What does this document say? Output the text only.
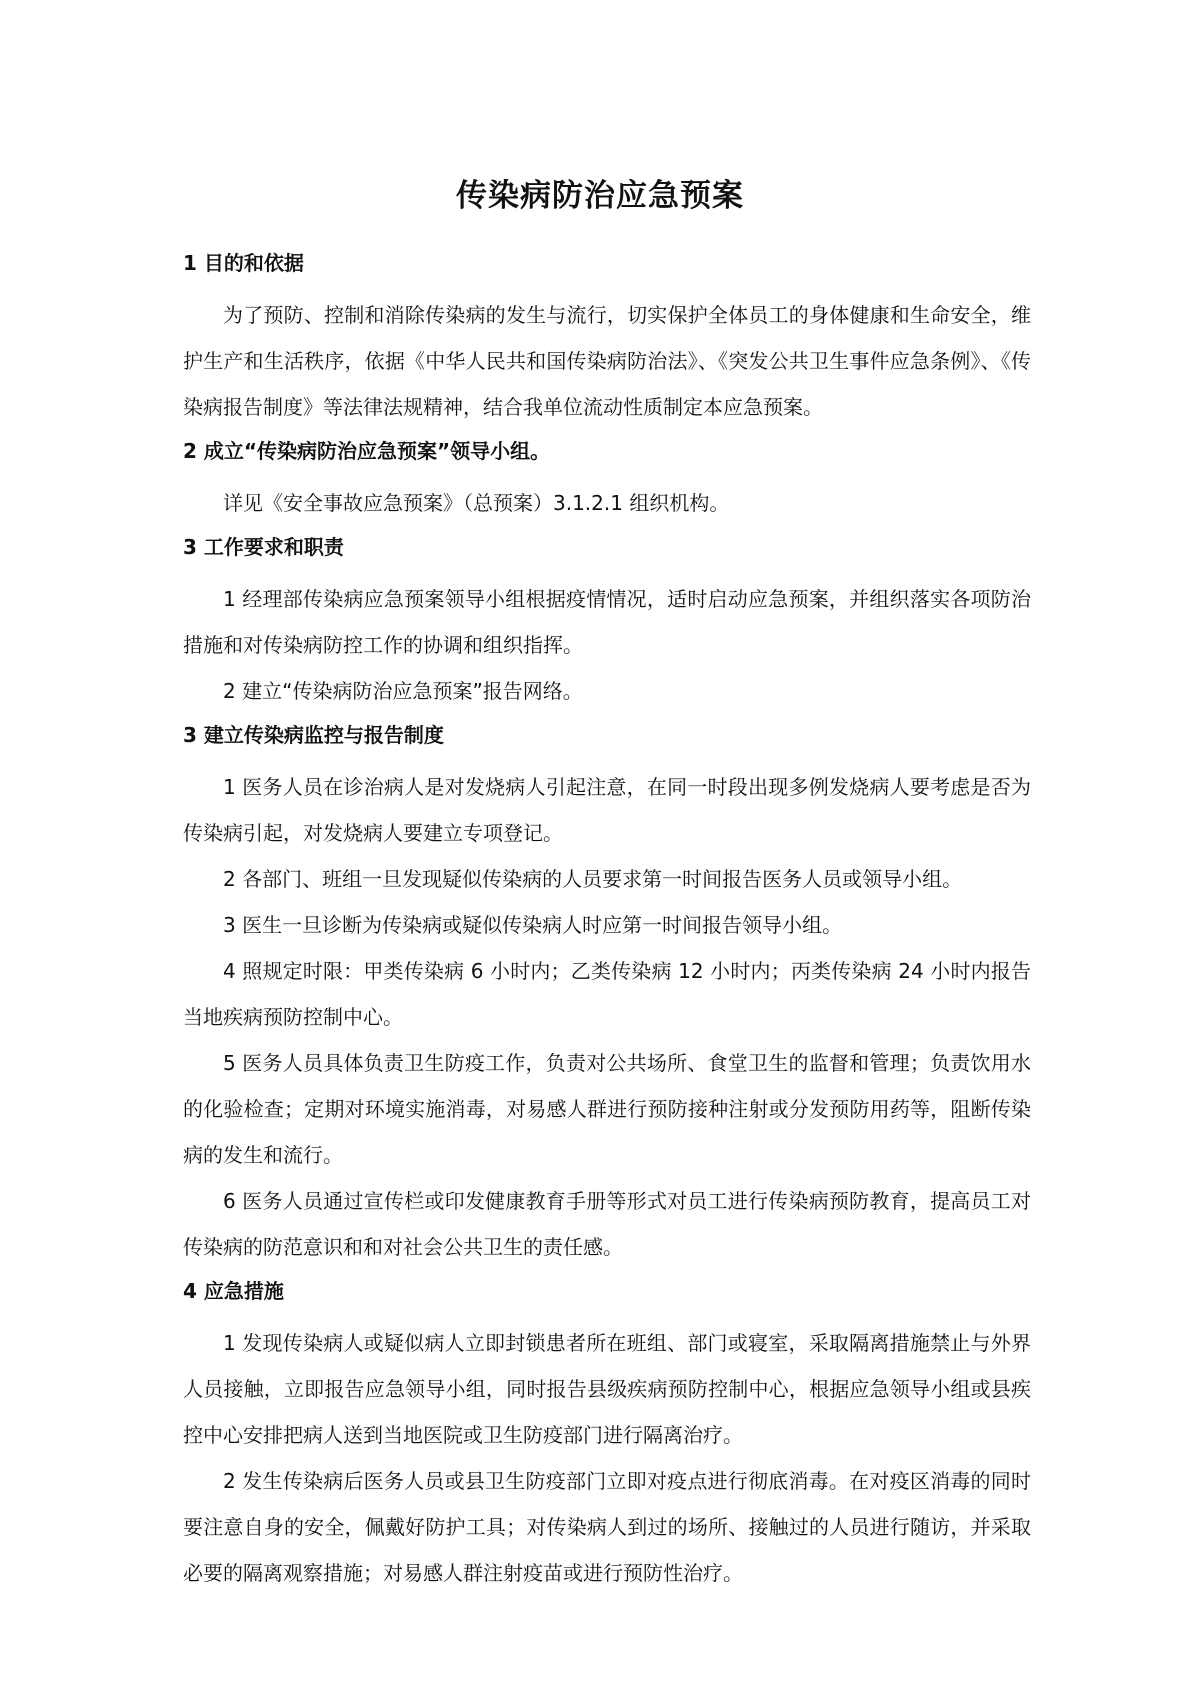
传染病防治应急预案

1 目的和依据

为了预防、控制和消除传染病的发生与流行，切实保护全体员工的身体健康和生命安全，维护生产和生活秩序，依据《中华人民共和国传染病防治法》、《突发公共卫生事件应急条例》、《传染病报告制度》等法律法规精神，结合我单位流动性质制定本应急预案。

2 成立“传染病防治应急预案”领导小组。

详见《安全事故应急预案》（总预案）3.1.2.1 组织机构。

3 工作要求和职责

1 经理部传染病应急预案领导小组根据疫情情况，适时启动应急预案，并组织落实各项防治措施和对传染病防控工作的协调和组织指挥。

2 建立“传染病防治应急预案”报告网络。

3 建立传染病监控与报告制度

1 医务人员在诊治病人是对发烧病人引起注意，在同一时段出现多例发烧病人要考虑是否为传染病引起，对发烧病人要建立专项登记。

2 各部门、班组一旦发现疑似传染病的人员要求第一时间报告医务人员或领导小组。

3 医生一旦诊断为传染病或疑似传染病人时应第一时间报告领导小组。

4 照规定时限：甲类传染病 6 小时内；乙类传染病 12 小时内；丙类传染病 24 小时内报告当地疾病预防控制中心。

5 医务人员具体负责卫生防疫工作，负责对公共场所、食堂卫生的监督和管理；负责饮用水的化验检查；定期对环境实施消毒，对易感人群进行预防接种注射或分发预防用药等，阻断传染病的发生和流行。

6 医务人员通过宣传栏或印发健康教育手册等形式对员工进行传染病预防教育，提高员工对传染病的防范意识和和对社会公共卫生的责任感。

4 应急措施

1 发现传染病人或疑似病人立即封锁患者所在班组、部门或寝室，采取隔离措施禁止与外界人员接触，立即报告应急领导小组，同时报告县级疾病预防控制中心，根据应急领导小组或县疾控中心安排把病人送到当地医院或卫生防疫部门进行隔离治疗。

2 发生传染病后医务人员或县卫生防疫部门立即对疫点进行彻底消毒。在对疫区消毒的同时要注意自身的安全，佩戴好防护工具；对传染病人到过的场所、接触过的人员进行随访，并采取必要的隔离观察措施；对易感人群注射疫苗或进行预防性治疗。
